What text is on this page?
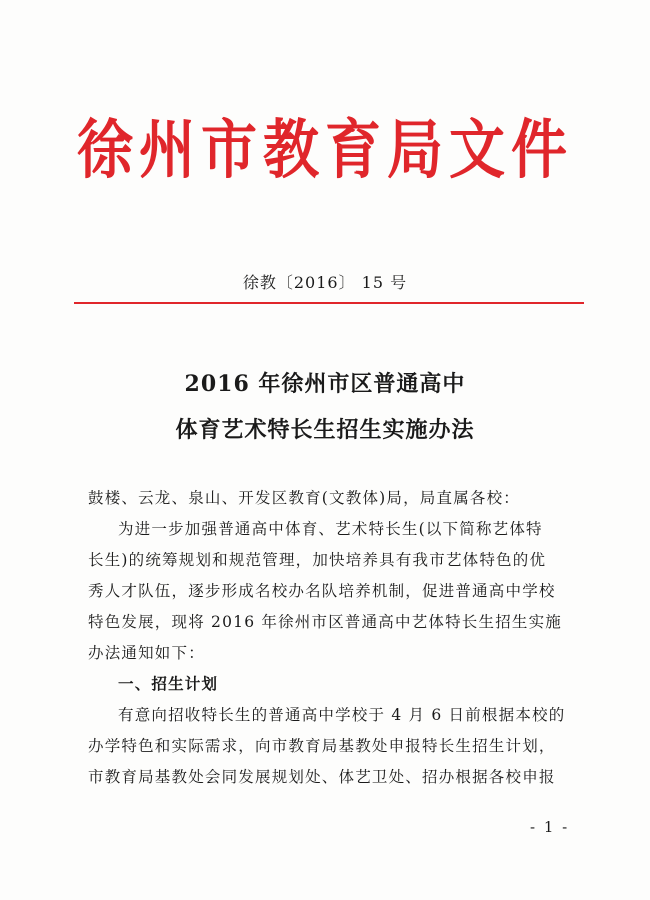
徐州市教育局文件
徐教〔2016〕 15 号
2016 年徐州市区普通高中
体育艺术特长生招生实施办法
鼓楼、云龙、泉山、开发区教育(文教体)局，局直属各校：
为进一步加强普通高中体育、艺术特长生(以下简称艺体特
长生)的统筹规划和规范管理，加快培养具有我市艺体特色的优
秀人才队伍，逐步形成名校办名队培养机制，促进普通高中学校
特色发展，现将 2016 年徐州市区普通高中艺体特长生招生实施
办法通知如下：
一、招生计划
有意向招收特长生的普通高中学校于 4 月 6 日前根据本校的
办学特色和实际需求，向市教育局基教处申报特长生招生计划，
市教育局基教处会同发展规划处、体艺卫处、招办根据各校申报
- 1 -
